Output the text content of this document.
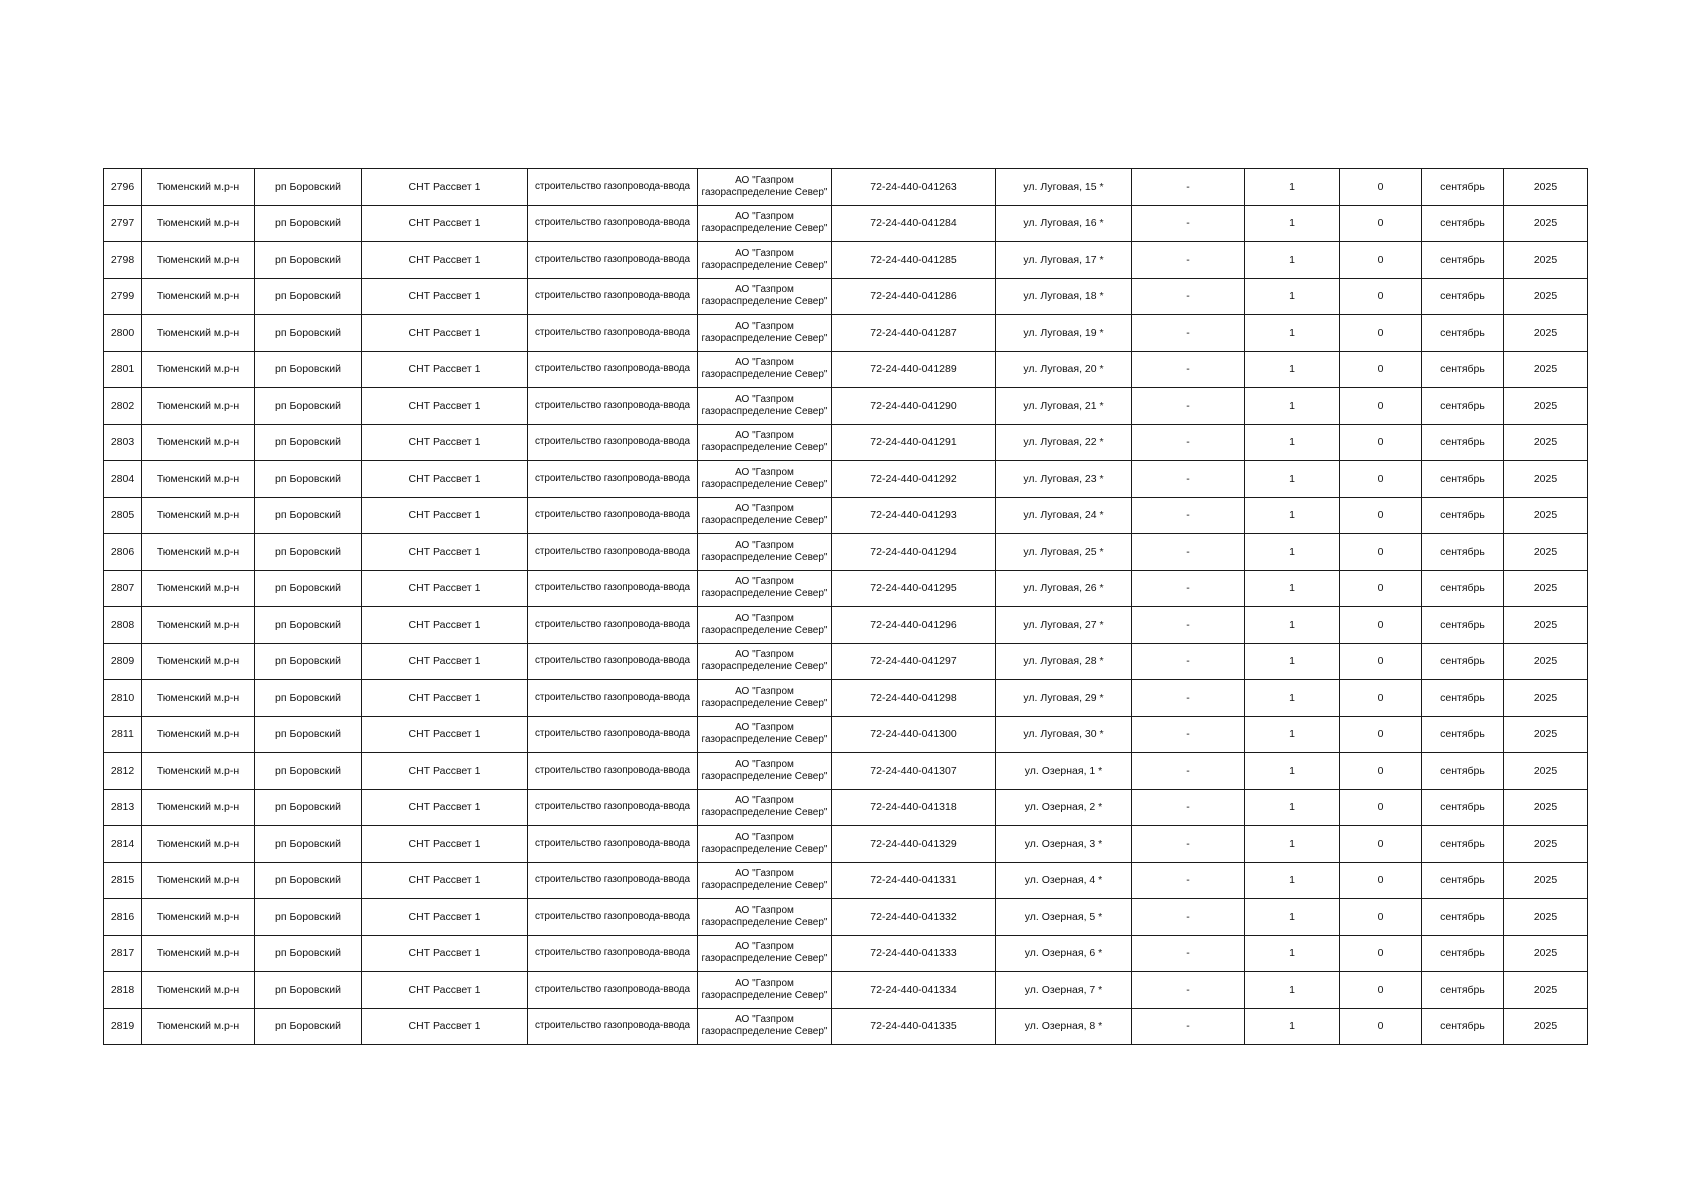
2796	Тюменский м.р-н	рп Боровский	СНТ Рассвет 1	строительство газопровода-ввода	АО "Газпром газораспределение Север"	72-24-440-041263	ул. Луговая, 15 *	-	1	0	сентябрь	2025
2797	Тюменский м.р-н	рп Боровский	СНТ Рассвет 1	строительство газопровода-ввода	АО "Газпром газораспределение Север"	72-24-440-041284	ул. Луговая, 16 *	-	1	0	сентябрь	2025
2798	Тюменский м.р-н	рп Боровский	СНТ Рассвет 1	строительство газопровода-ввода	АО "Газпром газораспределение Север"	72-24-440-041285	ул. Луговая, 17 *	-	1	0	сентябрь	2025
2799	Тюменский м.р-н	рп Боровский	СНТ Рассвет 1	строительство газопровода-ввода	АО "Газпром газораспределение Север"	72-24-440-041286	ул. Луговая, 18 *	-	1	0	сентябрь	2025
2800	Тюменский м.р-н	рп Боровский	СНТ Рассвет 1	строительство газопровода-ввода	АО "Газпром газораспределение Север"	72-24-440-041287	ул. Луговая, 19 *	-	1	0	сентябрь	2025
2801	Тюменский м.р-н	рп Боровский	СНТ Рассвет 1	строительство газопровода-ввода	АО "Газпром газораспределение Север"	72-24-440-041289	ул. Луговая, 20 *	-	1	0	сентябрь	2025
2802	Тюменский м.р-н	рп Боровский	СНТ Рассвет 1	строительство газопровода-ввода	АО "Газпром газораспределение Север"	72-24-440-041290	ул. Луговая, 21 *	-	1	0	сентябрь	2025
2803	Тюменский м.р-н	рп Боровский	СНТ Рассвет 1	строительство газопровода-ввода	АО "Газпром газораспределение Север"	72-24-440-041291	ул. Луговая, 22 *	-	1	0	сентябрь	2025
2804	Тюменский м.р-н	рп Боровский	СНТ Рассвет 1	строительство газопровода-ввода	АО "Газпром газораспределение Север"	72-24-440-041292	ул. Луговая, 23 *	-	1	0	сентябрь	2025
2805	Тюменский м.р-н	рп Боровский	СНТ Рассвет 1	строительство газопровода-ввода	АО "Газпром газораспределение Север"	72-24-440-041293	ул. Луговая, 24 *	-	1	0	сентябрь	2025
2806	Тюменский м.р-н	рп Боровский	СНТ Рассвет 1	строительство газопровода-ввода	АО "Газпром газораспределение Север"	72-24-440-041294	ул. Луговая, 25 *	-	1	0	сентябрь	2025
2807	Тюменский м.р-н	рп Боровский	СНТ Рассвет 1	строительство газопровода-ввода	АО "Газпром газораспределение Север"	72-24-440-041295	ул. Луговая, 26 *	-	1	0	сентябрь	2025
2808	Тюменский м.р-н	рп Боровский	СНТ Рассвет 1	строительство газопровода-ввода	АО "Газпром газораспределение Север"	72-24-440-041296	ул. Луговая, 27 *	-	1	0	сентябрь	2025
2809	Тюменский м.р-н	рп Боровский	СНТ Рассвет 1	строительство газопровода-ввода	АО "Газпром газораспределение Север"	72-24-440-041297	ул. Луговая, 28 *	-	1	0	сентябрь	2025
2810	Тюменский м.р-н	рп Боровский	СНТ Рассвет 1	строительство газопровода-ввода	АО "Газпром газораспределение Север"	72-24-440-041298	ул. Луговая, 29 *	-	1	0	сентябрь	2025
2811	Тюменский м.р-н	рп Боровский	СНТ Рассвет 1	строительство газопровода-ввода	АО "Газпром газораспределение Север"	72-24-440-041300	ул. Луговая, 30 *	-	1	0	сентябрь	2025
2812	Тюменский м.р-н	рп Боровский	СНТ Рассвет 1	строительство газопровода-ввода	АО "Газпром газораспределение Север"	72-24-440-041307	ул. Озерная, 1 *	-	1	0	сентябрь	2025
2813	Тюменский м.р-н	рп Боровский	СНТ Рассвет 1	строительство газопровода-ввода	АО "Газпром газораспределение Север"	72-24-440-041318	ул. Озерная, 2 *	-	1	0	сентябрь	2025
2814	Тюменский м.р-н	рп Боровский	СНТ Рассвет 1	строительство газопровода-ввода	АО "Газпром газораспределение Север"	72-24-440-041329	ул. Озерная, 3 *	-	1	0	сентябрь	2025
2815	Тюменский м.р-н	рп Боровский	СНТ Рассвет 1	строительство газопровода-ввода	АО "Газпром газораспределение Север"	72-24-440-041331	ул. Озерная, 4 *	-	1	0	сентябрь	2025
2816	Тюменский м.р-н	рп Боровский	СНТ Рассвет 1	строительство газопровода-ввода	АО "Газпром газораспределение Север"	72-24-440-041332	ул. Озерная, 5 *	-	1	0	сентябрь	2025
2817	Тюменский м.р-н	рп Боровский	СНТ Рассвет 1	строительство газопровода-ввода	АО "Газпром газораспределение Север"	72-24-440-041333	ул. Озерная, 6 *	-	1	0	сентябрь	2025
2818	Тюменский м.р-н	рп Боровский	СНТ Рассвет 1	строительство газопровода-ввода	АО "Газпром газораспределение Север"	72-24-440-041334	ул. Озерная, 7 *	-	1	0	сентябрь	2025
2819	Тюменский м.р-н	рп Боровский	СНТ Рассвет 1	строительство газопровода-ввода	АО "Газпром газораспределение Север"	72-24-440-041335	ул. Озерная, 8 *	-	1	0	сентябрь	2025
